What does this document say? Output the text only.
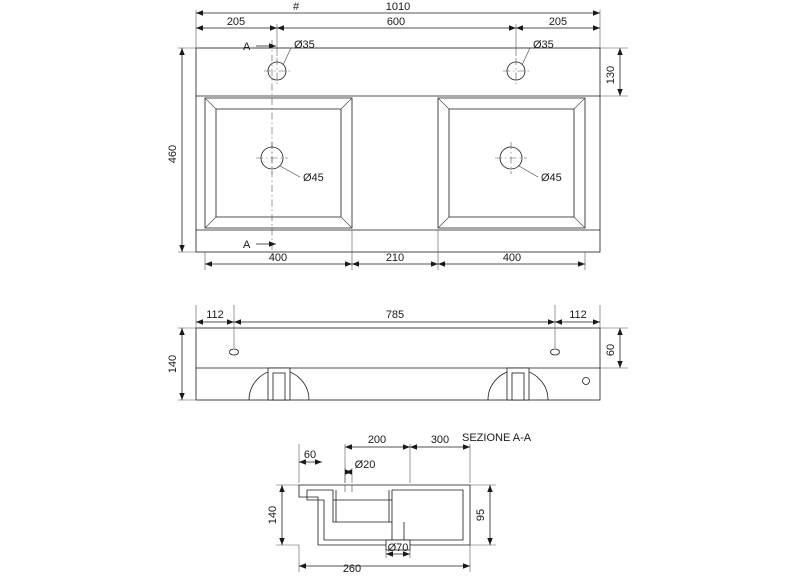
1010
205	600	205
460
130
400	210	400
Ø35	Ø35
Ø45	Ø45
A
A
#
112	785	112
140
60
SEZIONE A-A
200	300
60
Ø20
140	95
260
Ø70
